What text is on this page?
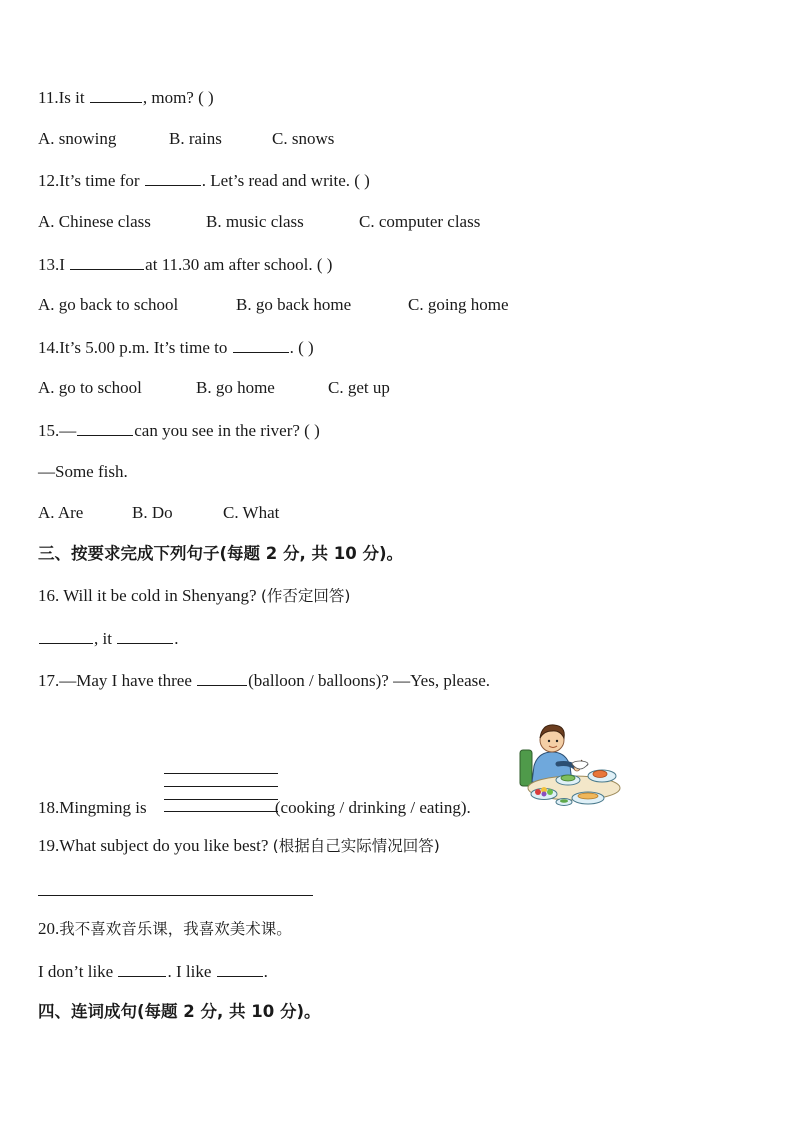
11.Is it	, mom? ( )
A. snowing	B. rains	C. snows
12.It’s time for	. Let’s read and write. ( )
A. Chinese class	B. music class	C. computer class
13.I	at 11.30 am after school. ( )
A. go back to school	B. go back home	C. going home
14.It’s 5.00 p.m. It’s time to	. ( )
A. go to school	B. go home	C. get up
15.—	can you see in the river? ( )
—Some fish.
A. Are	B. Do	C. What
三、按要求完成下列句子(每题 2 分, 共 10 分)。
16. Will it be cold in Shenyang? (作否定回答)
, it	.
17.—May I have three	(balloon / balloons)? —Yes, please.
18.Mingming is	(cooking / drinking / eating).
19.What subject do you like best? (根据自己实际情况回答)
20.我不喜欢音乐课，我喜欢美术课。
I don’t like	. I like	.
四、连词成句(每题 2 分, 共 10 分)。
